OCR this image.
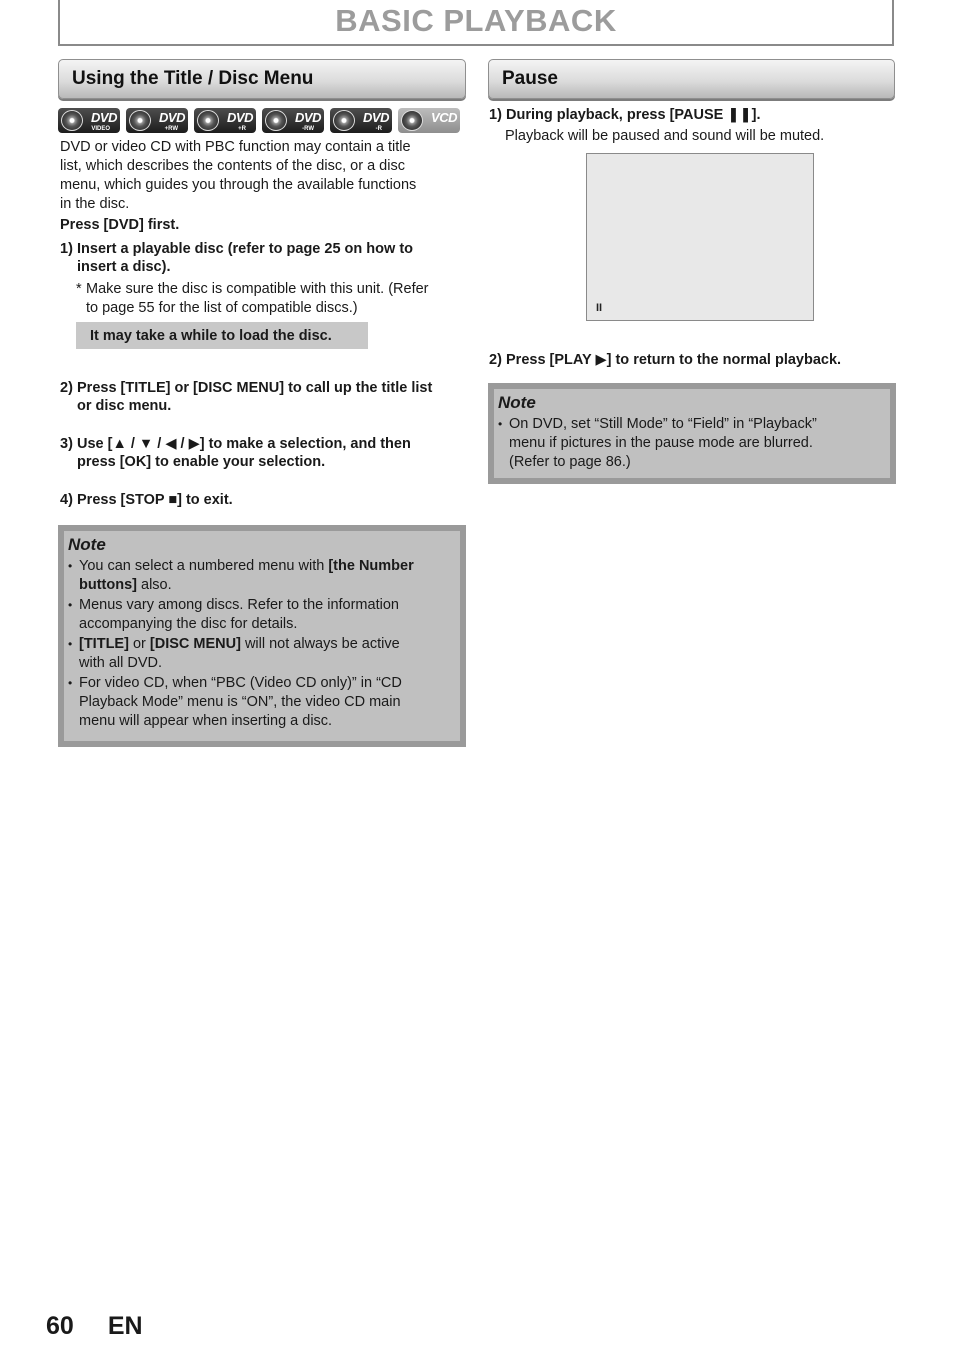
BASIC PLAYBACK
Using the Title / Disc Menu
DVD
VIDEO
DVD
+RW
DVD
+R
DVD
-RW
DVD
-R
VCD
DVD or video CD with PBC function may contain a title
list, which describes the contents of the disc, or a disc
menu, which guides you through the available functions
in the disc.
Press [DVD] first.
1) Insert a playable disc (refer to page 25 on how to
insert a disc).
* Make sure the disc is compatible with this unit. (Refer
to page 55 for the list of compatible discs.)
It may take a while to load the disc.
2) Press [TITLE] or [DISC MENU] to call up the title list
or disc menu.
3) Use [▲ / ▼ / ◀ / ▶] to make a selection, and then
press [OK] to enable your selection.
4) Press [STOP ■] to exit.
Note
• You can select a numbered menu with [the Number
buttons] also.
• Menus vary among discs. Refer to the information
accompanying the disc for details.
• [TITLE] or [DISC MENU] will not always be active
with all DVD.
• For video CD, when “PBC (Video CD only)” in “CD
Playback Mode” menu is “ON”, the video CD main
menu will appear when inserting a disc.
Pause
1) During playback, press [PAUSE ❚❚].
Playback will be paused and sound will be muted.
II
2) Press [PLAY ▶] to return to the normal playback.
Note
• On DVD, set “Still Mode” to “Field” in “Playback”
menu if pictures in the pause mode are blurred.
(Refer to page 86.)
60 EN
